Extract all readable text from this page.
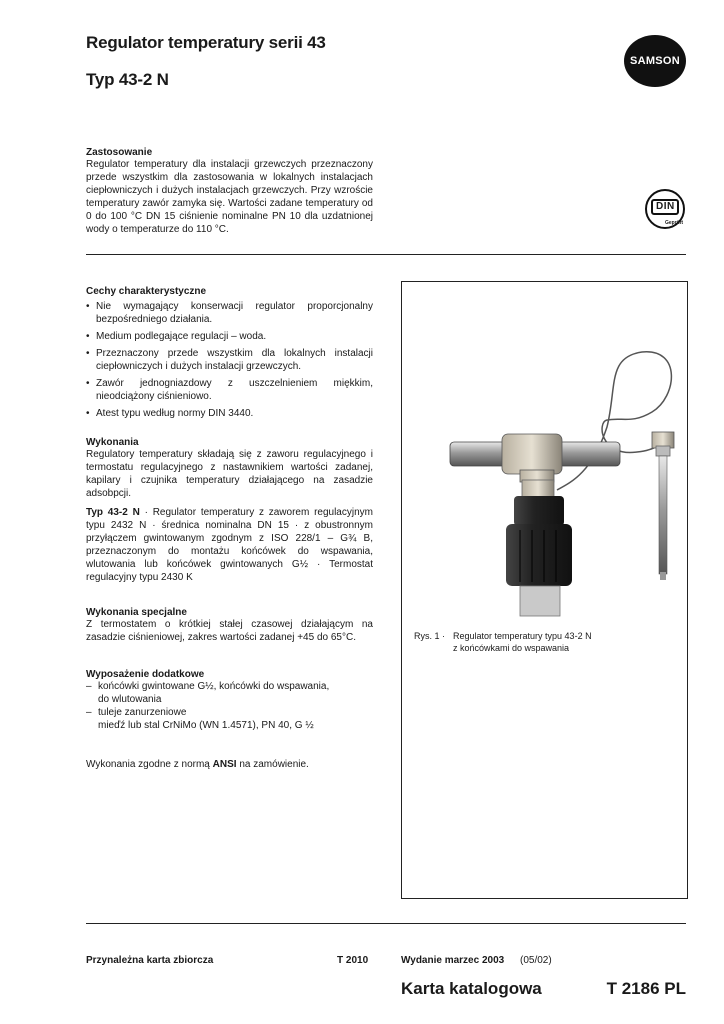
Regulator temperatury serii 43
Typ 43-2 N
SAMSON
DIN
Geprüft
Zastosowanie
Regulator temperatury dla instalacji grzewczych przeznaczony przede wszystkim dla zastosowania w lokalnych instalacjach ciepłowniczych i dużych instalacjach grzewczych. Przy wzroście temperatury zawór zamyka się. Wartości zadane temperatury od 0 do 100 °C DN 15 ciśnienie nominalne PN 10 dla uzdatnionej wody o temperaturze do 110 °C.
Cechy charakterystyczne
• Nie wymagający konserwacji regulator proporcjonalny bezpośredniego działania.
• Medium podlegające regulacji – woda.
• Przeznaczony przede wszystkim dla lokalnych instalacji ciepłowniczych i dużych instalacji grzewczych.
• Zawór jednogniazdowy z uszczelnieniem miękkim, nieodciążony ciśnieniowo.
• Atest typu według normy DIN 3440.
Wykonania
Regulatory temperatury składają się z zaworu regulacyjnego i termostatu regulacyjnego z nastawnikiem wartości zadanej, kapilary i czujnika temperatury działającego na zasadzie adsobpcji.
Typ 43-2 N · Regulator temperatury z zaworem regulacyjnym typu 2432 N · średnica nominalna DN 15 · z obustronnym przyłączem gwintowanym zgodnym z ISO 228/1 – G¾ B, przeznaczonym do montażu końcówek do wspawania, wlutowania lub końcówek gwintowanych G½ · Termostat regulacyjny typu 2430 K
Wykonania specjalne
Z termostatem o krótkiej stałej czasowej działającym na zasadzie ciśnieniowej, zakres wartości zadanej +45 do 65°C.
Wyposażenie dodatkowe
– końcówki gwintowane G½, końcówki do wspawania,
do wlutowania
– tuleje zanurzeniowe
mieďź lub stal CrNiMo (WN 1.4571), PN 40, G ½
Wykonania zgodne z normą ANSI na zamówienie.
Rys. 1 · Regulator temperatury typu 43-2 N
z końcówkami do wspawania
Przynależna karta zbiorcza	T 2010	Wydanie marzec 2003 (05/02)
Karta katalogowa	T 2186 PL
